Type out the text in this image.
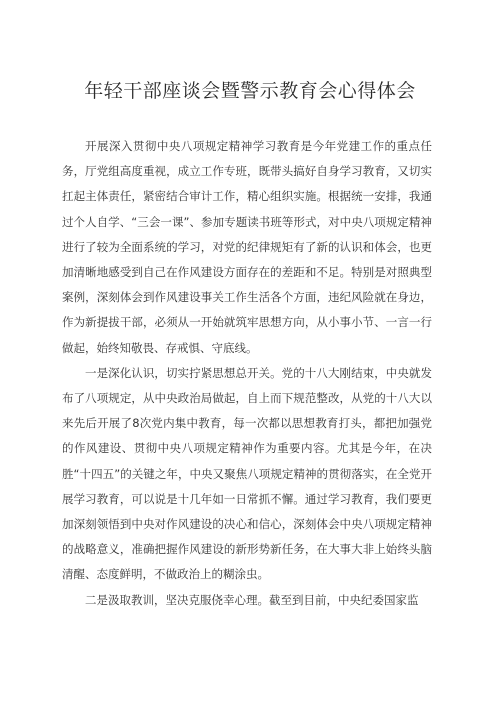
年轻干部座谈会暨警示教育会心得体会

开展深入贯彻中央八项规定精神学习教育是今年党建工作的重点任务，厅党组高度重视，成立工作专班，既带头搞好自身学习教育，又切实扛起主体责任，紧密结合审计工作，精心组织实施。根据统一安排，我通过个人自学、“三会一课”、参加专题读书班等形式，对中央八项规定精神进行了较为全面系统的学习，对党的纪律规矩有了新的认识和体会，也更加清晰地感受到自己在作风建设方面存在的差距和不足。特别是对照典型案例，深刻体会到作风建设事关工作生活各个方面，违纪风险就在身边，作为新提拔干部，必须从一开始就筑牢思想方向，从小事小节、一言一行做起，始终知敬畏、存戒惧、守底线。

一是深化认识，切实拧紧思想总开关。党的十八大刚结束，中央就发布了八项规定，从中央政治局做起，自上而下规范整改，从党的十八大以来先后开展了8次党内集中教育，每一次都以思想教育打头，都把加强党的作风建设、贯彻中央八项规定精神作为重要内容。尤其是今年，在决胜“十四五”的关键之年，中央又聚焦八项规定精神的贯彻落实，在全党开展学习教育，可以说是十几年如一日常抓不懈。通过学习教育，我们要更加深刻领悟到中央对作风建设的决心和信心，深刻体会中央八项规定精神的战略意义，准确把握作风建设的新形势新任务，在大事大非上始终头脑清醒、态度鲜明，不做政治上的糊涂虫。

二是汲取教训，坚决克服侥幸心理。截至到目前，中央纪委国家监
